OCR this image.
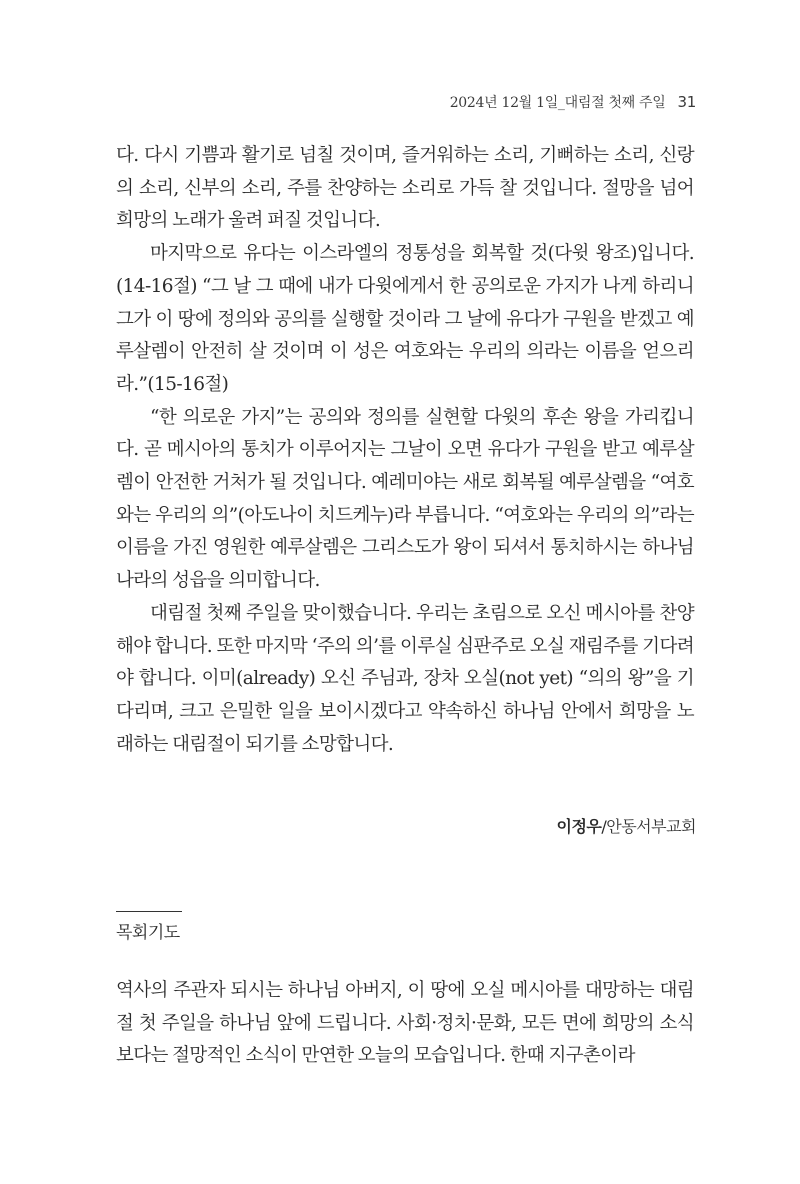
2024년 12월 1일_대림절 첫째 주일 31

다. 다시 기쁨과 활기로 넘칠 것이며, 즐거워하는 소리, 기뻐하는 소리, 신랑의 소리, 신부의 소리, 주를 찬양하는 소리로 가득 찰 것입니다. 절망을 넘어 희망의 노래가 울려 퍼질 것입니다.

마지막으로 유다는 이스라엘의 정통성을 회복할 것(다윗 왕조)입니다. (14-16절) “그 날 그 때에 내가 다윗에게서 한 공의로운 가지가 나게 하리니 그가 이 땅에 정의와 공의를 실행할 것이라 그 날에 유다가 구원을 받겠고 예루살렘이 안전히 살 것이며 이 성은 여호와는 우리의 의라는 이름을 얻으리라.”(15-16절)

“한 의로운 가지”는 공의와 정의를 실현할 다윗의 후손 왕을 가리킵니다. 곧 메시아의 통치가 이루어지는 그날이 오면 유다가 구원을 받고 예루살렘이 안전한 거처가 될 것입니다. 예레미야는 새로 회복될 예루살렘을 “여호와는 우리의 의”(아도나이 치드케누)라 부릅니다. “여호와는 우리의 의”라는 이름을 가진 영원한 예루살렘은 그리스도가 왕이 되셔서 통치하시는 하나님 나라의 성읍을 의미합니다.

대림절 첫째 주일을 맞이했습니다. 우리는 초림으로 오신 메시아를 찬양해야 합니다. 또한 마지막 ‘주의 의’를 이루실 심판주로 오실 재림주를 기다려야 합니다. 이미(already) 오신 주님과, 장차 오실(not yet) “의의 왕”을 기다리며, 크고 은밀한 일을 보이시겠다고 약속하신 하나님 안에서 희망을 노래하는 대림절이 되기를 소망합니다.

이정우/안동서부교회
목회기도

역사의 주관자 되시는 하나님 아버지, 이 땅에 오실 메시아를 대망하는 대림절 첫 주일을 하나님 앞에 드립니다. 사회·정치·문화, 모든 면에 희망의 소식보다는 절망적인 소식이 만연한 오늘의 모습입니다. 한때 지구촌이라
